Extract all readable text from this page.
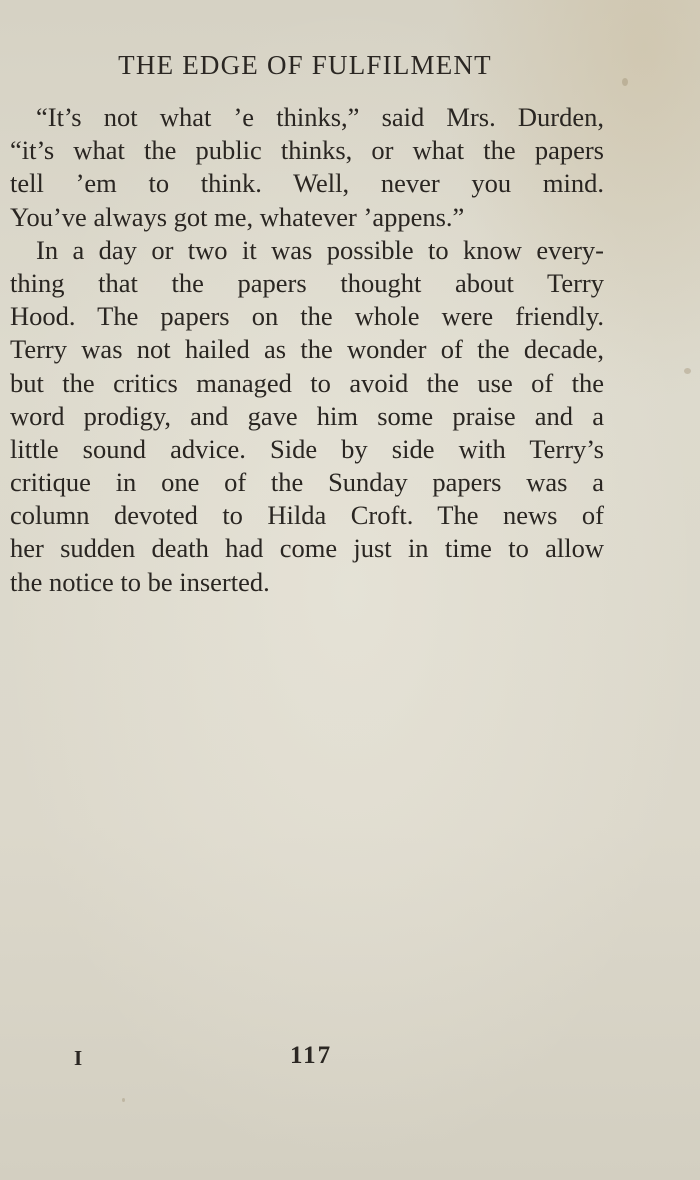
THE EDGE OF FULFILMENT
“It’s not what ’e thinks,” said Mrs. Durden,
“it’s what the public thinks, or what the papers
tell ’em to think. Well, never you mind.
You’ve always got me, whatever ’appens.”
In a day or two it was possible to know every-
thing that the papers thought about Terry
Hood. The papers on the whole were friendly.
Terry was not hailed as the wonder of the decade,
but the critics managed to avoid the use of the
word prodigy, and gave him some praise and a
little sound advice. Side by side with Terry’s
critique in one of the Sunday papers was a
column devoted to Hilda Croft. The news of
her sudden death had come just in time to allow
the notice to be inserted.
I	117
